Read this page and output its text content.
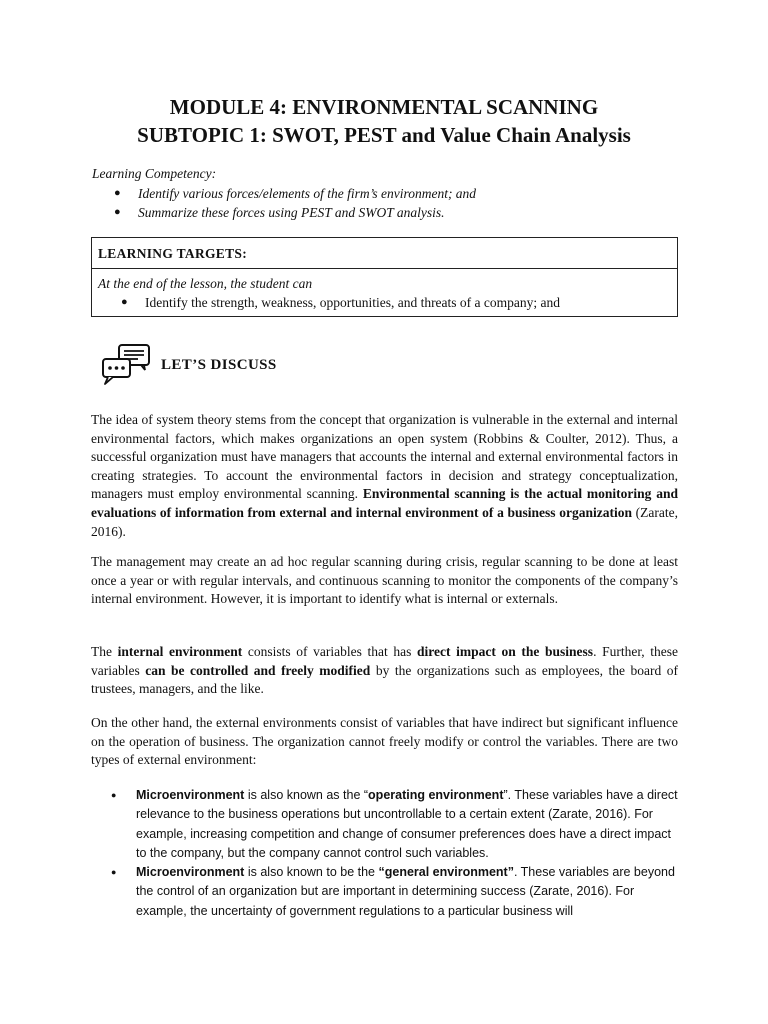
MODULE 4: ENVIRONMENTAL SCANNING
SUBTOPIC 1: SWOT, PEST and Value Chain Analysis
Learning Competency:
● Identify various forces/elements of the firm’s environment; and
● Summarize these forces using PEST and SWOT analysis.
LEARNING TARGETS:
At the end of the lesson, the student can
● Identify the strength, weakness, opportunities, and threats of a company; and
LET’S DISCUSS

The idea of system theory stems from the concept that organization is vulnerable in the external and internal environmental factors, which makes organizations an open system (Robbins & Coulter, 2012). Thus, a successful organization must have managers that accounts the internal and external environmental factors in creating strategies. To account the environmental factors in decision and strategy conceptualization, managers must employ environmental scanning. Environmental scanning is the actual monitoring and evaluations of information from external and internal environment of a business organization (Zarate, 2016).

The management may create an ad hoc regular scanning during crisis, regular scanning to be done at least once a year or with regular intervals, and continuous scanning to monitor the components of the company’s internal environment. However, it is important to identify what is internal or externals.

The internal environment consists of variables that has direct impact on the business. Further, these variables can be controlled and freely modified by the organizations such as employees, the board of trustees, managers, and the like.

On the other hand, the external environments consist of variables that have indirect but significant influence on the operation of business. The organization cannot freely modify or control the variables. There are two types of external environment:

● Microenvironment is also known as the “operating environment”. These variables have a direct relevance to the business operations but uncontrollable to a certain extent (Zarate, 2016). For example, increasing competition and change of consumer preferences does have a direct impact to the company, but the company cannot control such variables.
● Microenvironment is also known to be the “general environment”. These variables are beyond the control of an organization but are important in determining success (Zarate, 2016). For example, the uncertainty of government regulations to a particular business will
